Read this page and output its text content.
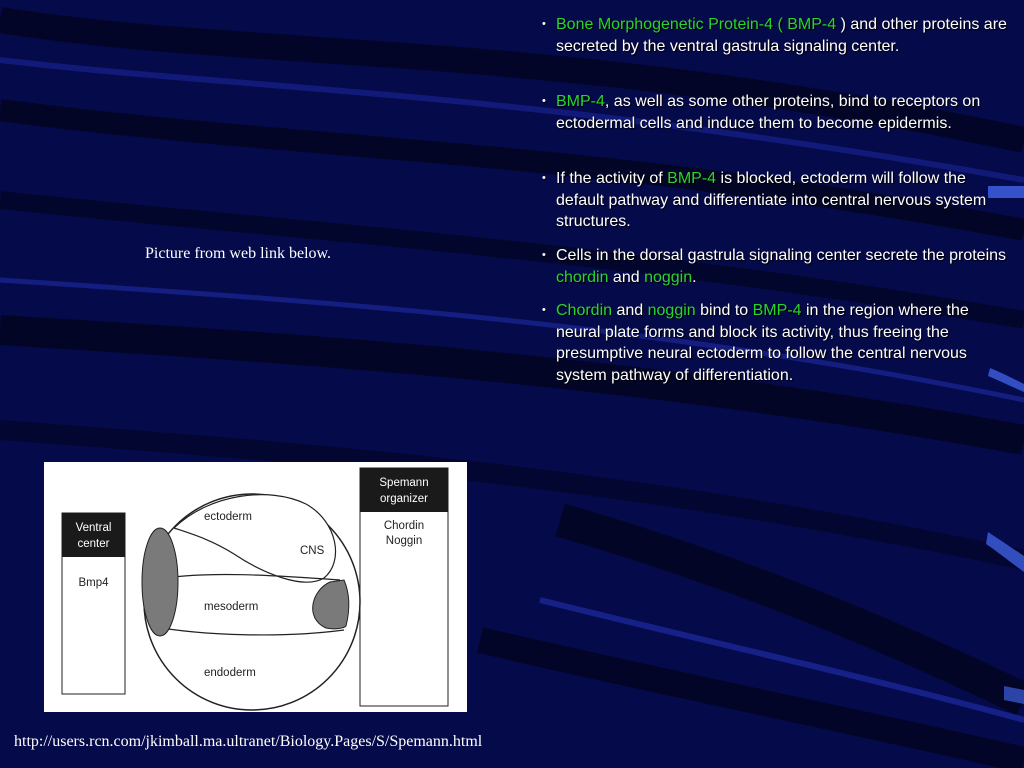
• Bone Morphogenetic Protein-4 ( BMP-4 ) and other proteins are secreted by the ventral gastrula signaling center.

• BMP-4, as well as some other proteins, bind to receptors on ectodermal cells and induce them to become epidermis.

• If the activity of BMP-4 is blocked, ectoderm will follow the default pathway and differentiate into central nervous system structures.

• Cells in the dorsal gastrula signaling center secrete the proteins chordin and noggin.

• Chordin and noggin bind to BMP-4 in the region where the neural plate forms and block its activity, thus freeing the presumptive neural ectoderm to follow the central nervous system pathway of differentiation.

Picture from web link below.
Ventral
center
Bmp4
Spemann
organizer
Chordin
Noggin
ectoderm
CNS
mesoderm
endoderm
http://users.rcn.com/jkimball.ma.ultranet/Biology.Pages/S/Spemann.html
